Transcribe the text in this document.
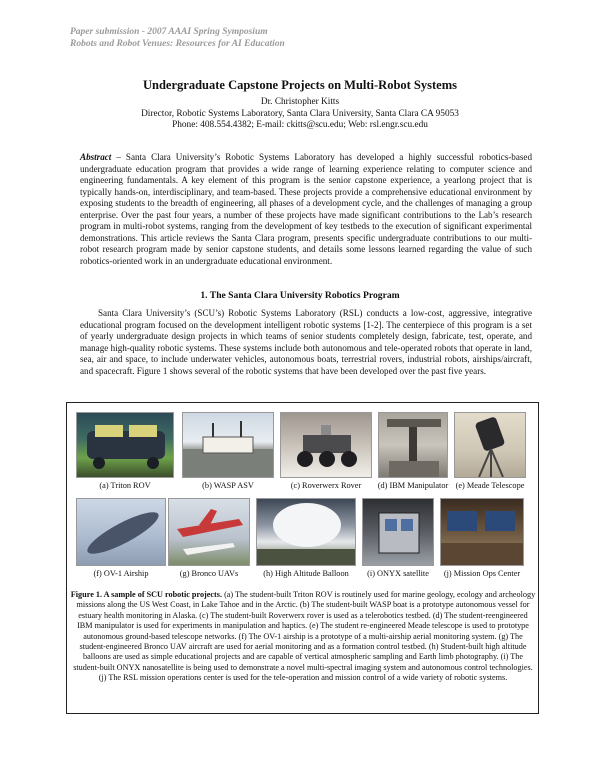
Paper submission - 2007 AAAI Spring Symposium
Robots and Robot Venues: Resources for AI Education
Undergraduate Capstone Projects on Multi-Robot Systems
Dr. Christopher Kitts
Director, Robotic Systems Laboratory, Santa Clara University, Santa Clara CA 95053
Phone: 408.554.4382; E-mail: ckitts@scu.edu; Web: rsl.engr.scu.edu
Abstract – Santa Clara University’s Robotic Systems Laboratory has developed a highly successful robotics-based undergraduate education program that provides a wide range of learning experience relating to computer science and engineering fundamentals. A key element of this program is the senior capstone experience, a yearlong project that is typically hands-on, interdisciplinary, and team-based. These projects provide a comprehensive educational environment by exposing students to the breadth of engineering, all phases of a development cycle, and the challenges of managing a group enterprise. Over the past four years, a number of these projects have made significant contributions to the Lab’s research program in multi-robot systems, ranging from the development of key testbeds to the execution of significant experimental demonstrations. This article reviews the Santa Clara program, presents specific undergraduate contributions to our multi-robot research program made by senior capstone students, and details some lessons learned regarding the value of such robotics-oriented work in an undergraduate educational environment.
1. The Santa Clara University Robotics Program
Santa Clara University’s (SCU’s) Robotic Systems Laboratory (RSL) conducts a low-cost, aggressive, integrative educational program focused on the development intelligent robotic systems [1-2]. The centerpiece of this program is a set of yearly undergraduate design projects in which teams of senior students completely design, fabricate, test, operate, and manage high-quality robotic systems. These systems include both autonomous and tele-operated robots that operate in land, sea, air and space, to include underwater vehicles, autonomous boats, terrestrial rovers, industrial robots, airships/aircraft, and spacecraft. Figure 1 shows several of the robotic systems that have been developed over the past five years.
(a) Triton ROV	(b) WASP ASV	(c) Roverwerx Rover	(d) IBM Manipulator (e) Meade Telescope
(f) OV-1 Airship	(g) Bronco UAVs	(h) High Altitude Balloon	(i) ONYX satellite	(j) Mission Ops Center
Figure 1. A sample of SCU robotic projects. (a) The student-built Triton ROV is routinely used for marine geology, ecology and archeology missions along the US West Coast, in Lake Tahoe and in the Arctic. (b) The student-built WASP boat is a prototype autonomous vessel for estuary health monitoring in Alaska. (c) The student-built Roverwerx rover is used as a telerobotics testbed. (d) The student-reengineered IBM manipulator is used for experiments in manipulation and haptics. (e) The student re-engineered Meade telescope is used to prototype autonomous ground-based telescope networks. (f) The OV-1 airship is a prototype of a multi-airship aerial monitoring system. (g) The student-engineered Bronco UAV aircraft are used for aerial monitoring and as a formation control testbed. (h) Student-built high altitude balloons are used as simple educational projects and are capable of vertical atmospheric sampling and Earth limb photography. (i) The student-built ONYX nanosatellite is being used to demonstrate a novel multi-spectral imaging system and autonomous control technologies. (j) The RSL mission operations center is used for the tele-operation and mission control of a wide variety of robotic systems.
